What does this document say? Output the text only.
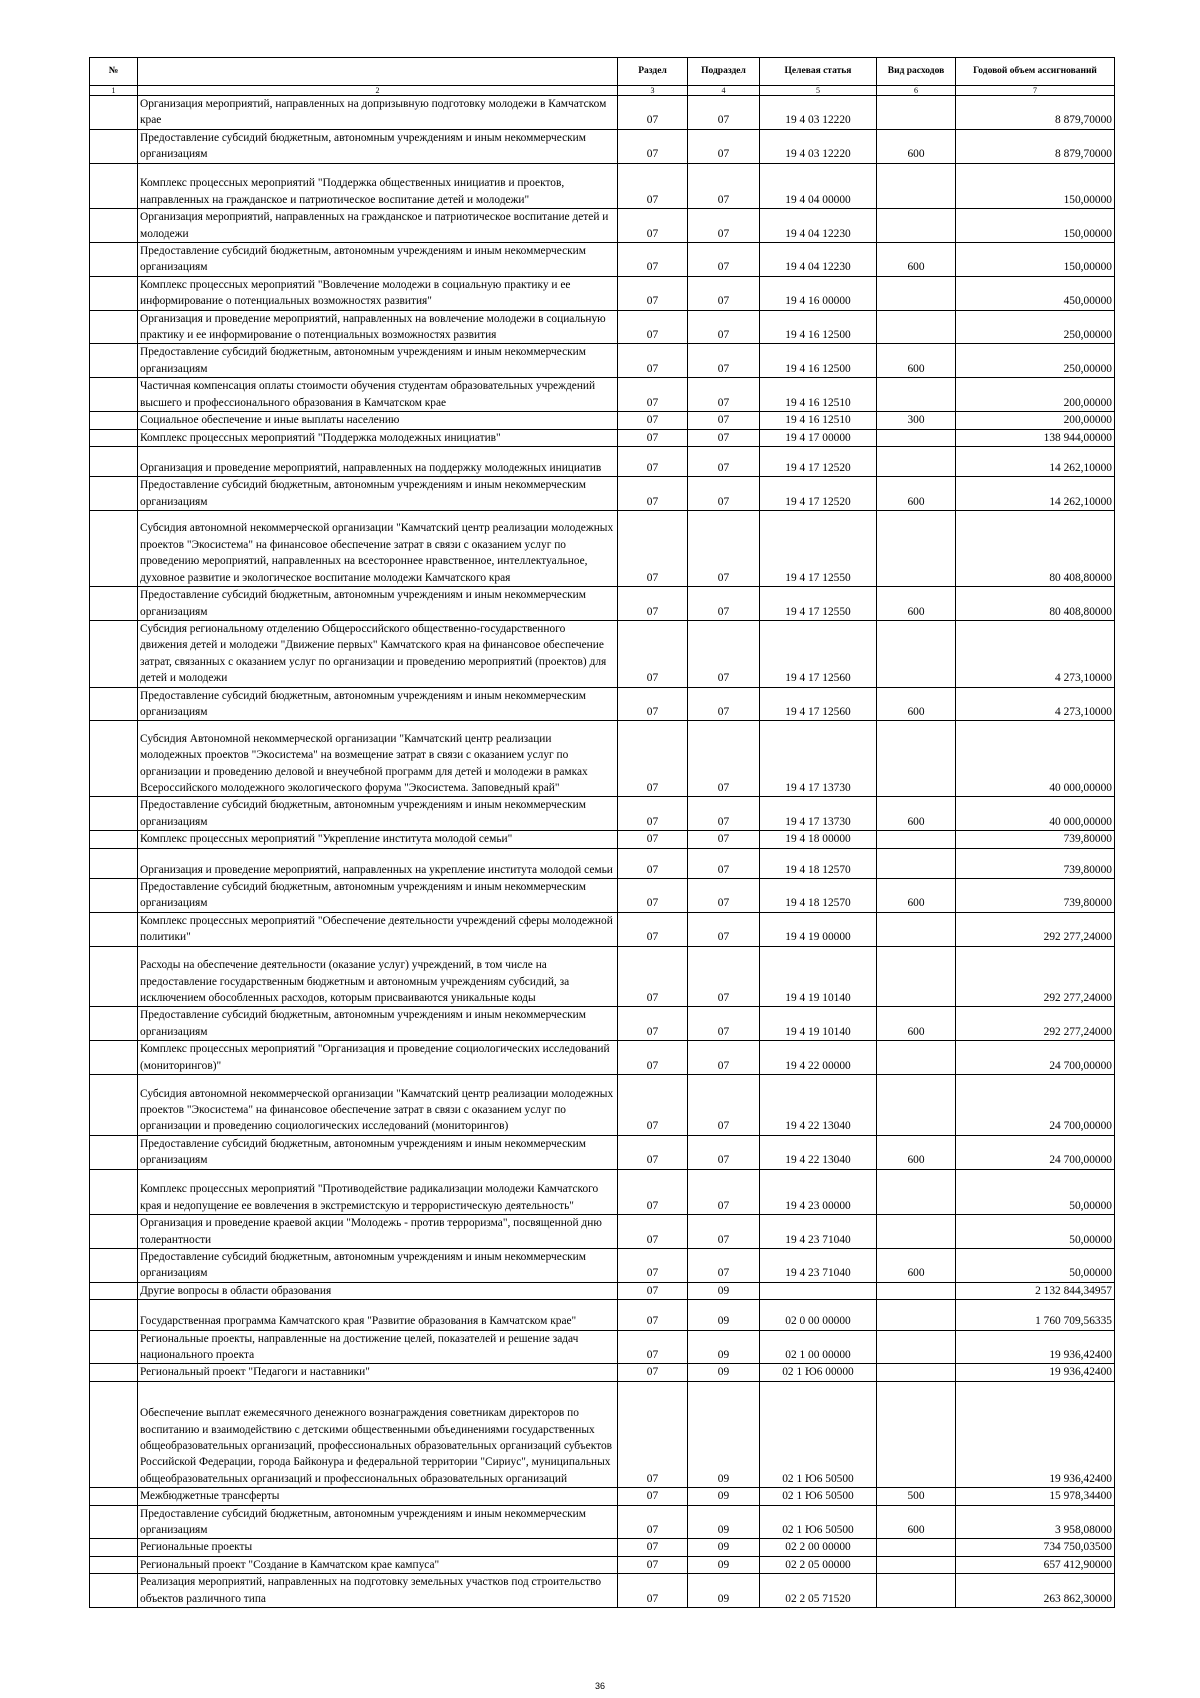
№		Раздел	Подраздел	Целевая статья	Вид расходов	Годовой объем ассигнований
1	2	3	4	5	6	7
	Организация мероприятий, направленных на допризывную подготовку молодежи в Камчатском крае	07	07	19 4 03 12220		8 879,70000
	Предоставление субсидий бюджетным, автономным учреждениям и иным некоммерческим организациям	07	07	19 4 03 12220	600	8 879,70000
	Комплекс процессных мероприятий "Поддержка общественных инициатив и проектов, направленных на гражданское и патриотическое воспитание детей и молодежи"	07	07	19 4 04 00000		150,00000
	Организация мероприятий, направленных на гражданское и патриотическое воспитание детей и молодежи	07	07	19 4 04 12230		150,00000
	Предоставление субсидий бюджетным, автономным учреждениям и иным некоммерческим организациям	07	07	19 4 04 12230	600	150,00000
	Комплекс процессных мероприятий "Вовлечение молодежи в социальную практику и ее информирование о потенциальных возможностях развития"	07	07	19 4 16 00000		450,00000
	Организация и проведение мероприятий, направленных на вовлечение молодежи в социальную практику и ее информирование о потенциальных возможностях развития	07	07	19 4 16 12500		250,00000
	Предоставление субсидий бюджетным, автономным учреждениям и иным некоммерческим организациям	07	07	19 4 16 12500	600	250,00000
	Частичная компенсация оплаты стоимости обучения студентам образовательных учреждений высшего и профессионального образования в Камчатском крае	07	07	19 4 16 12510		200,00000
	Социальное обеспечение и иные выплаты населению	07	07	19 4 16 12510	300	200,00000
	Комплекс процессных мероприятий "Поддержка молодежных инициатив"	07	07	19 4 17 00000		138 944,00000
	Организация и проведение мероприятий, направленных на поддержку молодежных инициатив	07	07	19 4 17 12520		14 262,10000
	Предоставление субсидий бюджетным, автономным учреждениям и иным некоммерческим организациям	07	07	19 4 17 12520	600	14 262,10000
	Субсидия автономной некоммерческой организации "Камчатский центр реализации молодежных проектов "Экосистема" на финансовое обеспечение затрат в связи с оказанием услуг по проведению мероприятий, направленных на всестороннее нравственное, интеллектуальное, духовное развитие и экологическое воспитание молодежи Камчатского края	07	07	19 4 17 12550		80 408,80000
	Предоставление субсидий бюджетным, автономным учреждениям и иным некоммерческим организациям	07	07	19 4 17 12550	600	80 408,80000
	Субсидия региональному отделению Общероссийского общественно-государственного движения детей и молодежи "Движение первых" Камчатского края на финансовое обеспечение затрат, связанных с оказанием услуг по организации и проведению мероприятий (проектов) для детей и молодежи	07	07	19 4 17 12560		4 273,10000
	Предоставление субсидий бюджетным, автономным учреждениям и иным некоммерческим организациям	07	07	19 4 17 12560	600	4 273,10000
	Субсидия Автономной некоммерческой организации "Камчатский центр реализации молодежных проектов "Экосистема" на возмещение затрат в связи с оказанием услуг по организации и проведению деловой и внеучебной программ для детей и молодежи в рамках Всероссийского молодежного экологического форума "Экосистема. Заповедный край"	07	07	19 4 17 13730		40 000,00000
	Предоставление субсидий бюджетным, автономным учреждениям и иным некоммерческим организациям	07	07	19 4 17 13730	600	40 000,00000
	Комплекс процессных мероприятий "Укрепление института молодой семьи"	07	07	19 4 18 00000		739,80000
	Организация и проведение мероприятий, направленных на укрепление института молодой семьи	07	07	19 4 18 12570		739,80000
	Предоставление субсидий бюджетным, автономным учреждениям и иным некоммерческим организациям	07	07	19 4 18 12570	600	739,80000
	Комплекс процессных мероприятий "Обеспечение деятельности учреждений сферы молодежной политики"	07	07	19 4 19 00000		292 277,24000
	Расходы на обеспечение деятельности (оказание услуг) учреждений, в том числе на предоставление государственным бюджетным и автономным учреждениям субсидий, за исключением обособленных расходов, которым присваиваются уникальные коды	07	07	19 4 19 10140		292 277,24000
	Предоставление субсидий бюджетным, автономным учреждениям и иным некоммерческим организациям	07	07	19 4 19 10140	600	292 277,24000
	Комплекс процессных мероприятий "Организация и проведение социологических исследований (мониторингов)"	07	07	19 4 22 00000		24 700,00000
	Субсидия автономной некоммерческой организации "Камчатский центр реализации молодежных проектов "Экосистема" на финансовое обеспечение затрат в связи с оказанием услуг по организации и проведению социологических исследований (мониторингов)	07	07	19 4 22 13040		24 700,00000
	Предоставление субсидий бюджетным, автономным учреждениям и иным некоммерческим организациям	07	07	19 4 22 13040	600	24 700,00000
	Комплекс процессных мероприятий "Противодействие радикализации молодежи Камчатского края и недопущение ее вовлечения в экстремистскую и террористическую деятельность"	07	07	19 4 23 00000		50,00000
	Организация и проведение краевой акции "Молодежь - против терроризма", посвященной дню толерантности	07	07	19 4 23 71040		50,00000
	Предоставление субсидий бюджетным, автономным учреждениям и иным некоммерческим организациям	07	07	19 4 23 71040	600	50,00000
	Другие вопросы в области образования	07	09			2 132 844,34957
	Государственная программа Камчатского края "Развитие образования в Камчатском крае"	07	09	02 0 00 00000		1 760 709,56335
	Региональные проекты, направленные на достижение целей, показателей и решение задач национального проекта	07	09	02 1 00 00000		19 936,42400
	Региональный проект "Педагоги и наставники"	07	09	02 1 Ю6 00000		19 936,42400
	Обеспечение выплат ежемесячного денежного вознаграждения советникам директоров по воспитанию и взаимодействию с детскими общественными объединениями государственных общеобразовательных организаций, профессиональных образовательных организаций субъектов Российской Федерации, города Байконура и федеральной территории "Сириус", муниципальных общеобразовательных организаций и профессиональных образовательных организаций	07	09	02 1 Ю6 50500		19 936,42400
	Межбюджетные трансферты	07	09	02 1 Ю6 50500	500	15 978,34400
	Предоставление субсидий бюджетным, автономным учреждениям и иным некоммерческим организациям	07	09	02 1 Ю6 50500	600	3 958,08000
	Региональные проекты	07	09	02 2 00 00000		734 750,03500
	Региональный проект "Создание в Камчатском крае кампуса"	07	09	02 2 05 00000		657 412,90000
	Реализация мероприятий, направленных на подготовку земельных участков под строительство объектов различного типа	07	09	02 2 05 71520		263 862,30000
36
